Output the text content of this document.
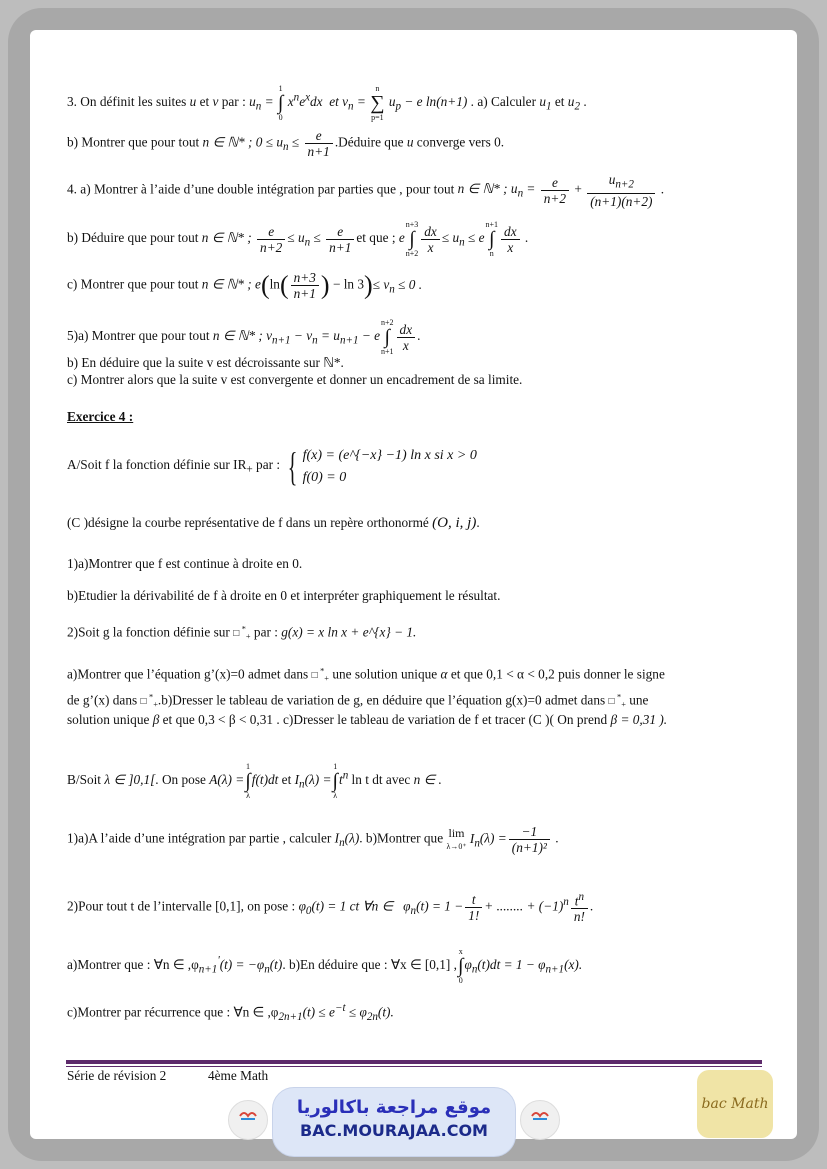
3. On définit les suites u et v par : $u_n$ =
1
∫
0
$x^ne^xdx$  et $v_n$ =
n
∑
p=1
$u_p - e$ ln(n+1) . a) Calculer $u_1$ et $u_2$ .
b) Montrer que pour tout n ∈ ℕ* ; $0 \le u_n \le \frac{e}{n+1}$ .Déduire que u converge vers 0.
4. a) Montrer à l’aide d’une double intégration par parties que , pour tout n ∈ ℕ* ; $u_n = \frac{e}{n+2} + \frac{u_{n+2}}{(n+1)(n+2)}$ .
b) Déduire que pour tout n ∈ ℕ* ; $\frac{e}{n+2} \le u_n \le \frac{e}{n+1}$ et que ; e
n+3
∫
$n+2 \frac{dx}{x} \le u_n \le e$
n+1
∫
n $\frac{dx}{x}$ .
c) Montrer que pour tout n ∈ ℕ* ; $e(\ln( \frac{n+3}{n+1}$ ) − $\ln 3)\le v_n \le 0$ .
5)a) Montrer que pour tout n ∈ ℕ* ; $v_{n+1} - v_n = u_{n+1} - e$
n+2
∫
$n+1 \frac{dx}{x}$ .
b) En déduire que la suite v est décroissante sur ℕ*.
c) Montrer alors que la suite v est convergente et donner un encadrement de sa limite.
Exercice 4 :
A/Soit f la fonction définie sur $IR_+$ par : { f(x) = (e^{−x} −1) ln x si x > 0
f(0) = 0
(C )désigne la courbe représentative de f dans un repère orthonormé (O, i, j).
1)a)Montrer que f est continue à droite en 0.
b)Etudier la dérivabilité de f à droite en 0 et interpréter graphiquement le résultat.
2)Soit g la fonction définie sur □ *$_+$ par : g(x) = x ln x + e^{x} − 1.
a)Montrer que l’équation g’(x)=0 admet dans □ *$_+$ une solution unique α et que 0,1 < α < 0,2 puis donner le signe
de g’(x) dans □ *$_+$.b)Dresser le tableau de variation de g, en déduire que l’équation g(x)=0 admet dans □ *$_+$ une
solution unique β et que 0,3 < β < 0,31 . c)Dresser le tableau de variation de f et tracer (C )( On prend β = 0,31 ).
B/Soit λ ∈ ]0,1[. On pose A(λ) =
1
∫
λ
f(t)dt et $I_n(\lambda)$ =
1
∫
λ
$t^n$ ln t dt avec n ∈ .
1)a)A l’aide d’une intégration par partie , calculer $I_n(\lambda)$. b)Montrer que lim
λ→0⁺ $I_n(\lambda) = \frac{-1}{\text{(n+1)²}}$ .
2)Pour tout t de l’intervalle [0,1], on pose : $\varphi_0(t) = 1$ ct ∀n ∈ $\varphi_n(t) = 1 - \frac{t}{1!}$ + ........ + $(-1)^n \frac{t^n}{n!}$ .
a)Montrer que : ∀n ∈ $,\varphi_{n+1}'(t) = -\varphi_n(t)$. b)En déduire que : ∀x ∈ [0,1] ,
x
∫
0
$\varphi_n(t)dt = 1 - \varphi_{n+1}(x)$.
c)Montrer par récurrence que : ∀n ∈ $,\varphi_{2n+1}(t) \le e^{-t} \le \varphi_{2n}(t)$.
Série de révision 2	4ème Math
موقع مراجعة باكالوريا
BAC.MOURAJAA.COM
bac Math
